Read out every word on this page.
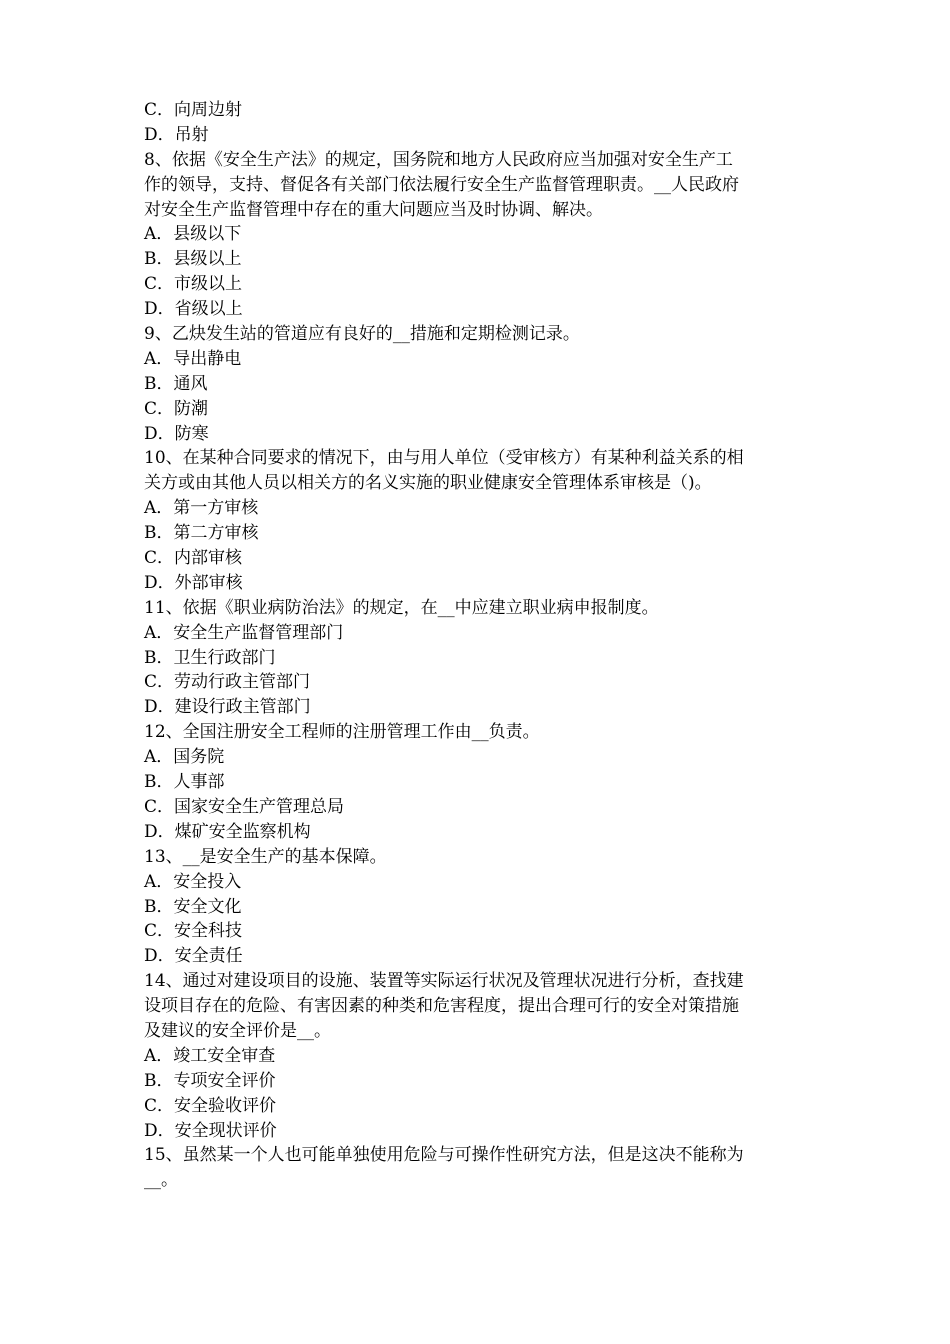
C．向周边射
D．吊射
8、依据《安全生产法》的规定，国务院和地方人民政府应当加强对安全生产工
作的领导，支持、督促各有关部门依法履行安全生产监督管理职责。__人民政府
对安全生产监督管理中存在的重大问题应当及时协调、解决。
A．县级以下
B．县级以上
C．市级以上
D．省级以上
9、乙炔发生站的管道应有良好的__措施和定期检测记录。
A．导出静电
B．通风
C．防潮
D．防寒
10、在某种合同要求的情况下，由与用人单位（受审核方）有某种利益关系的相
关方或由其他人员以相关方的名义实施的职业健康安全管理体系审核是（)。
A．第一方审核
B．第二方审核
C．内部审核
D．外部审核
11、依据《职业病防治法》的规定，在__中应建立职业病申报制度。
A．安全生产监督管理部门
B．卫生行政部门
C．劳动行政主管部门
D．建设行政主管部门
12、全国注册安全工程师的注册管理工作由__负责。
A．国务院
B．人事部
C．国家安全生产管理总局
D．煤矿安全监察机构
13、__是安全生产的基本保障。
A．安全投入
B．安全文化
C．安全科技
D．安全责任
14、通过对建设项目的设施、装置等实际运行状况及管理状况进行分析，查找建
设项目存在的危险、有害因素的种类和危害程度，提出合理可行的安全对策措施
及建议的安全评价是__。
A．竣工安全审查
B．专项安全评价
C．安全验收评价
D．安全现状评价
15、虽然某一个人也可能单独使用危险与可操作性研究方法，但是这决不能称为
__。
